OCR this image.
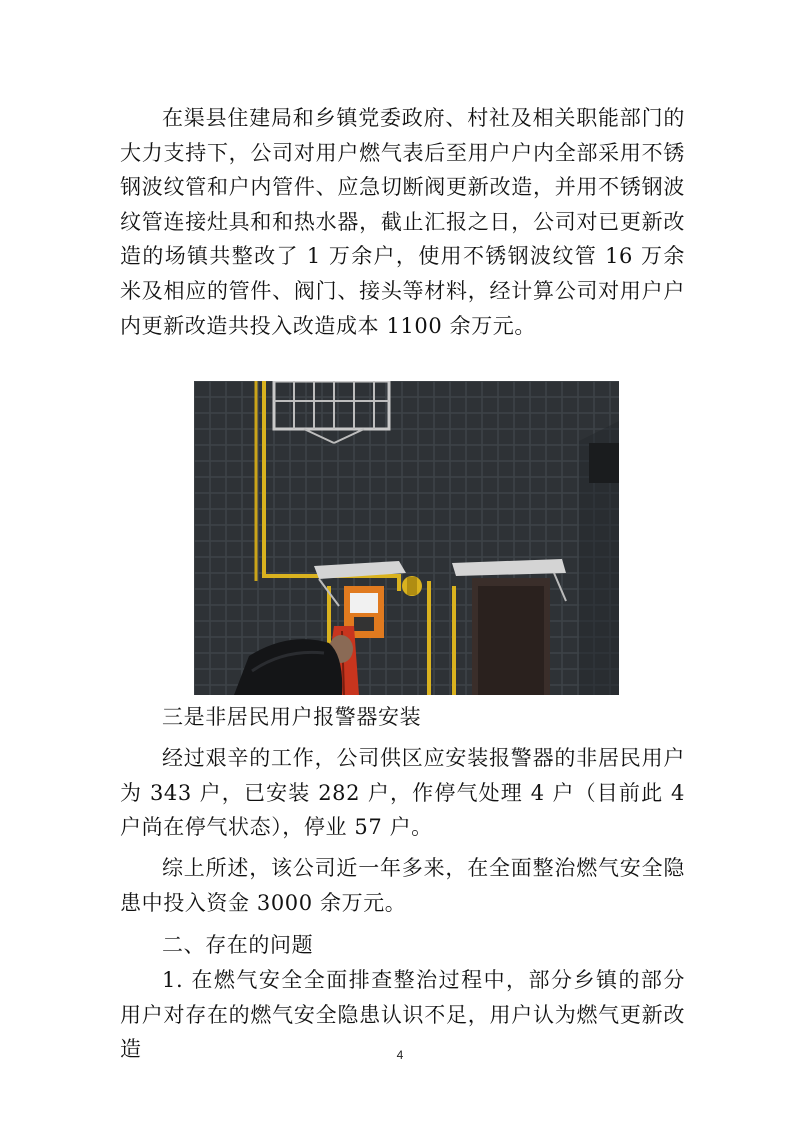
在渠县住建局和乡镇党委政府、村社及相关职能部门的大力支持下，公司对用户燃气表后至用户户内全部采用不锈钢波纹管和户内管件、应急切断阀更新改造，并用不锈钢波纹管连接灶具和和热水器，截止汇报之日，公司对已更新改造的场镇共整改了 1 万余户，使用不锈钢波纹管 16 万余米及相应的管件、阀门、接头等材料，经计算公司对用户户内更新改造共投入改造成本 1100 余万元。

三是非居民用户报警器安装

经过艰辛的工作，公司供区应安装报警器的非居民用户为 343 户，已安装 282 户，作停气处理 4 户（目前此 4 户尚在停气状态），停业 57 户。

综上所述，该公司近一年多来，在全面整治燃气安全隐患中投入资金 3000 余万元。

二、存在的问题

1. 在燃气安全全面排查整治过程中，部分乡镇的部分用户对存在的燃气安全隐患认识不足，用户认为燃气更新改造	4
